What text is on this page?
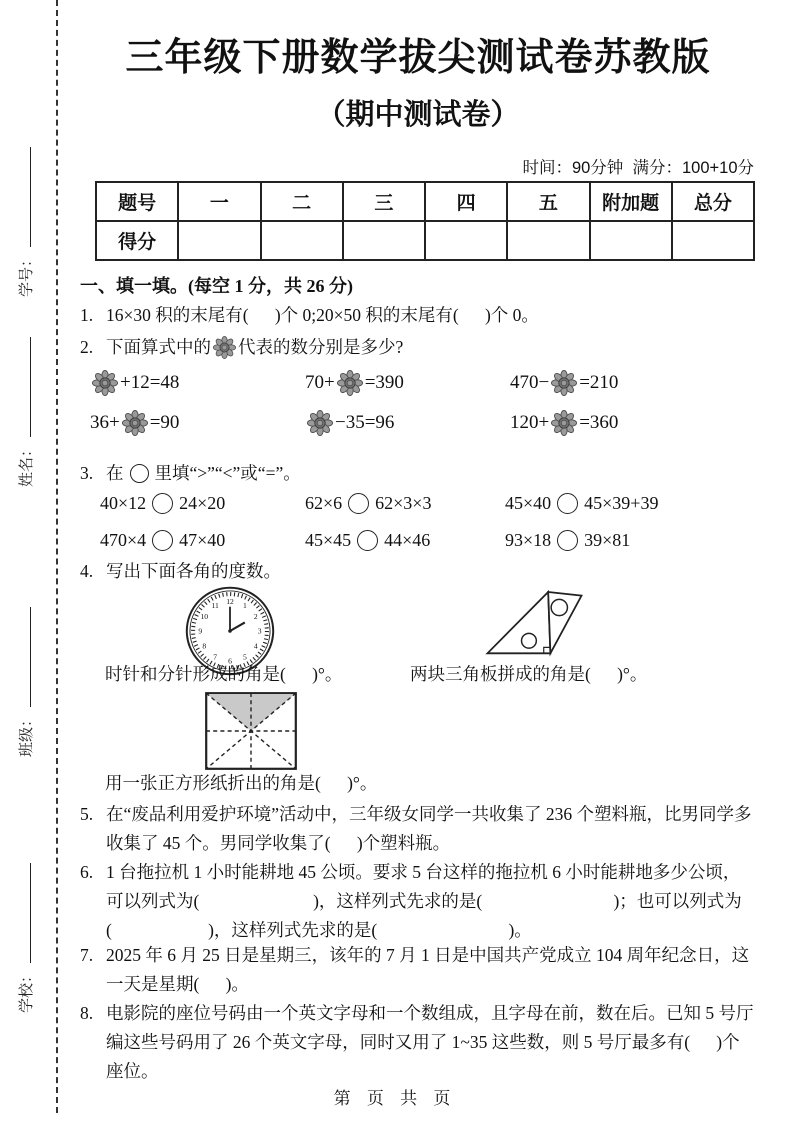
学号：
姓名：
班级：
学校：
三年级下册数学拔尖测试卷苏教版
（期中测试卷）
时间：90分钟  满分：100+10分
题号	一	二	三	四	五	附加题	总分
得分							
一、填一填。(每空 1 分，共 26 分)
1. 16×30 积的末尾有(      )个 0;20×50 积的末尾有(      )个 0。
2. 下面算式中的 代表的数分别是多少?
+12=48	70+ =390	470− =210
36+ =90	−35=96	120+ =360
3. 在 里填“>”“<”或“=”。
40×12 24×20	62×6 62×3×3	45×40 45×39+39
470×4 47×40	45×45 44×46	93×18 39×81
4. 写出下面各角的度数。
1
2
3
4
5
6
7
8
9
10
11 12
时针和分针形成的角是(      )°。	两块三角板拼成的角是(      )°。
用一张正方形纸折出的角是(      )°。
5. 在“废品利用爱护环境”活动中，三年级女同学一共收集了 236 个塑料瓶，比男同学多收集了 45 个。男同学收集了(      )个塑料瓶。
6. 1 台拖拉机 1 小时能耕地 45 公顷。要求 5 台这样的拖拉机 6 小时能耕地多少公顷，可以列式为(                          )，这样列式先求的是(                              )；也可以列式为(                      )，这样列式先求的是(                              )。
7. 2025 年 6 月 25 日是星期三，该年的 7 月 1 日是中国共产党成立 104 周年纪念日，这一天是星期(      )。
8. 电影院的座位号码由一个英文字母和一个数组成，且字母在前，数在后。已知 5 号厅编这些号码用了 26 个英文字母，同时又用了 1~35 这些数，则 5 号厅最多有(      )个座位。
第 页 共 页
